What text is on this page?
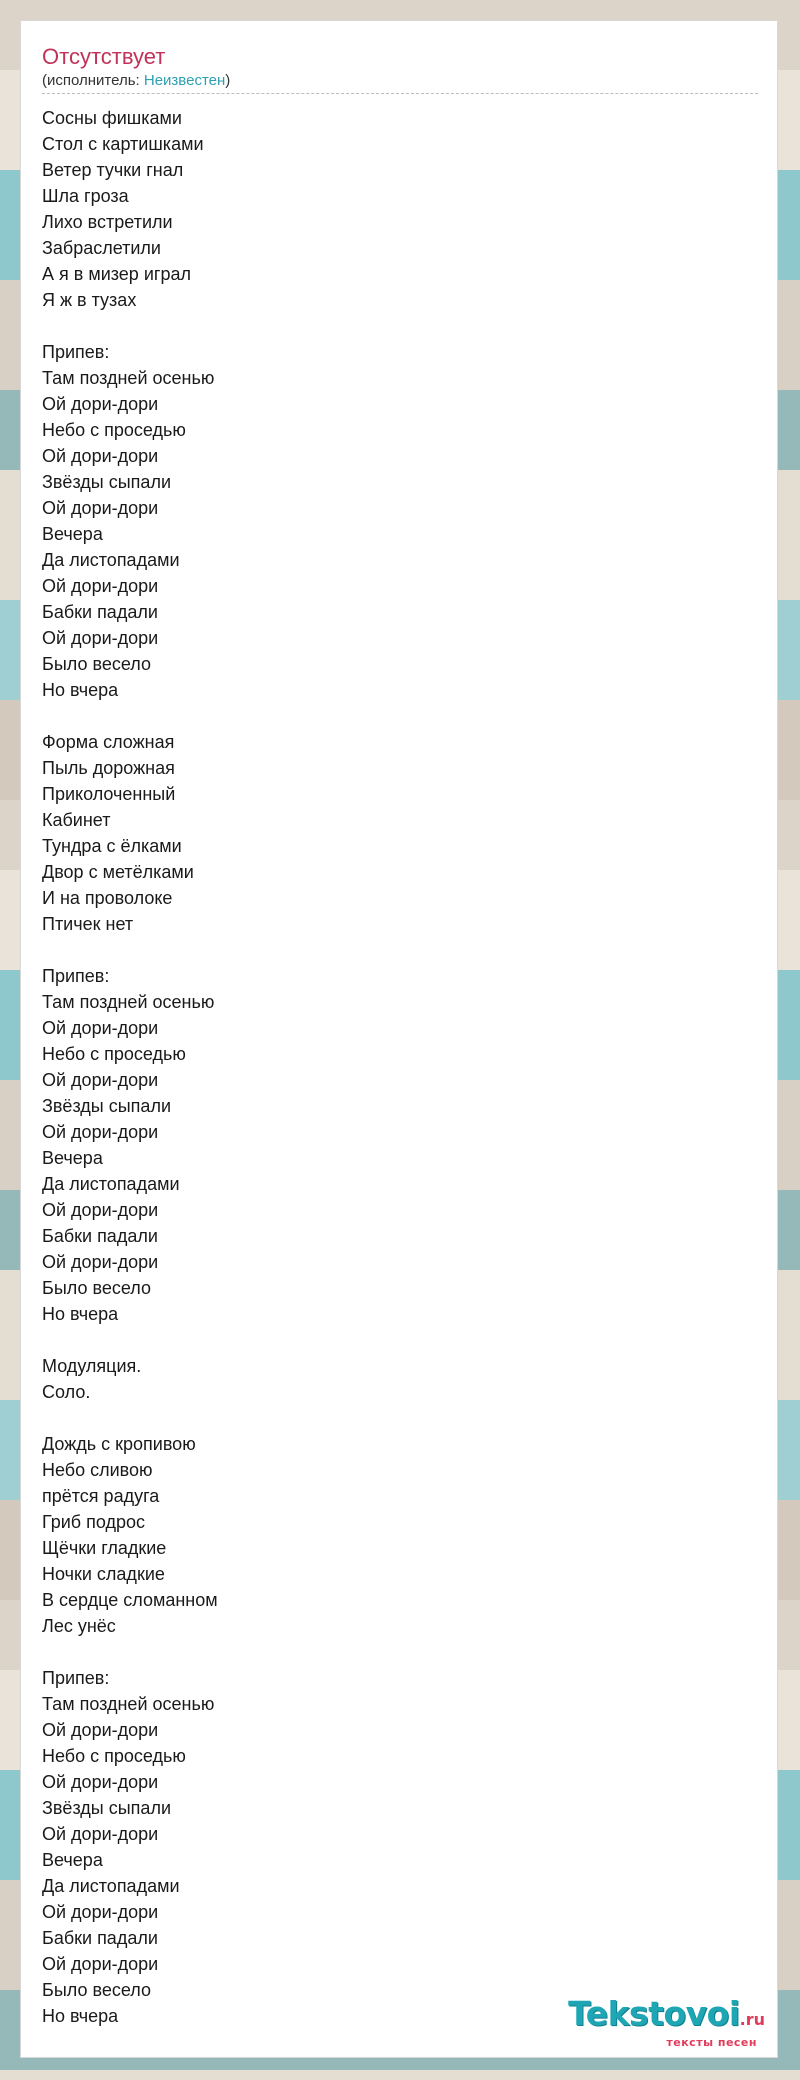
Отсутствует
(исполнитель: Неизвестен)
Сосны фишками
Стол с картишками
Ветер тучки гнал
Шла гроза
Лихо встретили
Забраслетили
А я в мизер играл
Я ж в тузах
Припев:
Там поздней осенью
Ой дори-дори
Небо с проседью
Ой дори-дори
Звёзды сыпали
Ой дори-дори
Вечера
Да листопадами
Ой дори-дори
Бабки падали
Ой дори-дори
Было весело
Но вчера
Форма сложная
Пыль дорожная
Приколоченный
Кабинет
Тундра с ёлками
Двор с метёлками
И на проволоке
Птичек нет
Припев:
Там поздней осенью
Ой дори-дори
Небо с проседью
Ой дори-дори
Звёзды сыпали
Ой дори-дори
Вечера
Да листопадами
Ой дори-дори
Бабки падали
Ой дори-дори
Было весело
Но вчера
Модуляция.
Соло.
Дождь с кропивою
Небо сливою
прётся радуга
Гриб подрос
Щёчки гладкие
Ночки сладкие
В сердце сломанном
Лес унёс
Припев:
Там поздней осенью
Ой дори-дори
Небо с проседью
Ой дори-дори
Звёзды сыпали
Ой дори-дори
Вечера
Да листопадами
Ой дори-дори
Бабки падали
Ой дори-дори
Было весело
Но вчера	Tekstovoi.ru
тексты песен
